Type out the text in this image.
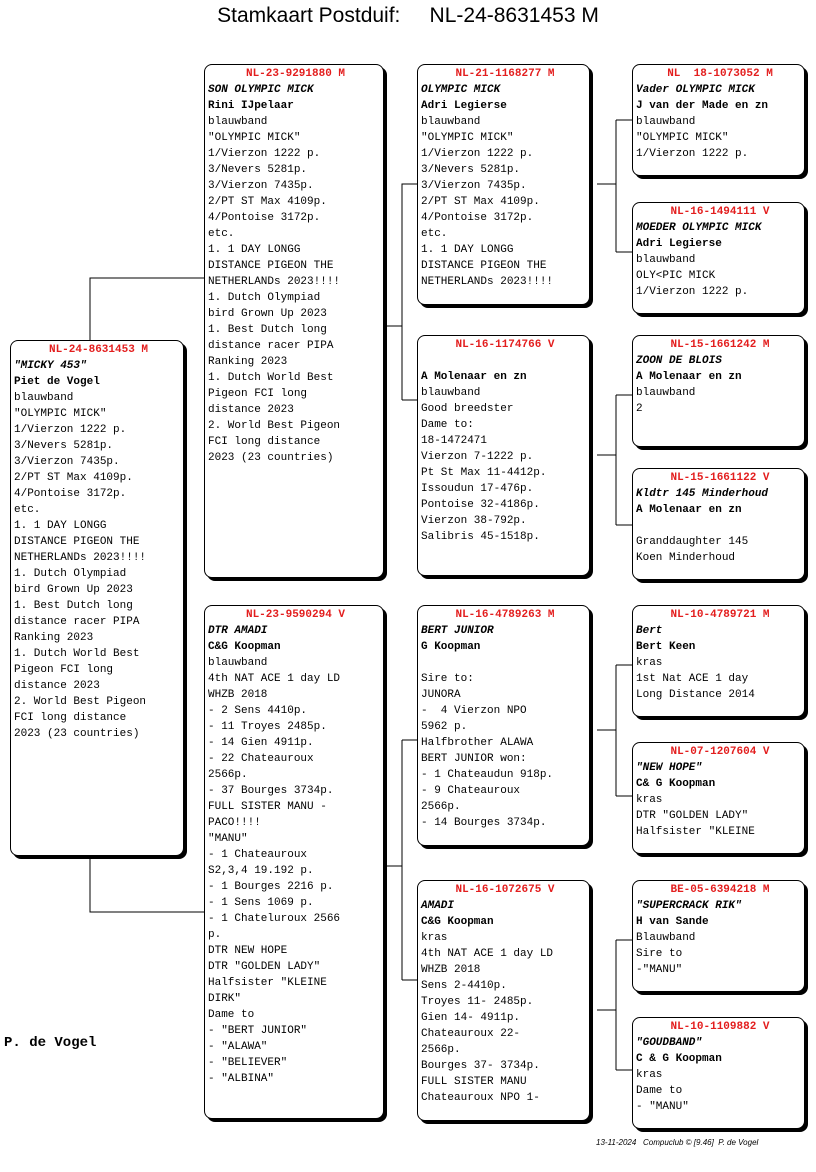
Stamkaart Postduif:     NL-24-8631453 M
NL-24-8631453 M
"MICKY 453"
Piet de Vogel
blauwband
"OLYMPIC MICK"
1/Vierzon 1222 p.
3/Nevers 5281p.
3/Vierzon 7435p.
2/PT ST Max 4109p.
4/Pontoise 3172p.
etc.
1. 1 DAY LONGG
DISTANCE PIGEON THE
NETHERLANDs 2023!!!!
1. Dutch Olympiad
bird Grown Up 2023
1. Best Dutch long
distance racer PIPA
Ranking 2023
1. Dutch World Best
Pigeon FCI long
distance 2023
2. World Best Pigeon
FCI long distance
2023 (23 countries)
NL-23-9291880 M
SON OLYMPIC MICK
Rini IJpelaar
blauwband
"OLYMPIC MICK"
1/Vierzon 1222 p.
3/Nevers 5281p.
3/Vierzon 7435p.
2/PT ST Max 4109p.
4/Pontoise 3172p.
etc.
1. 1 DAY LONGG
DISTANCE PIGEON THE
NETHERLANDs 2023!!!!
1. Dutch Olympiad
bird Grown Up 2023
1. Best Dutch long
distance racer PIPA
Ranking 2023
1. Dutch World Best
Pigeon FCI long
distance 2023
2. World Best Pigeon
FCI long distance
2023 (23 countries)
NL-23-9590294 V
DTR AMADI
C&G Koopman
blauwband
4th NAT ACE 1 day LD
WHZB 2018
- 2 Sens 4410p.
- 11 Troyes 2485p.
- 14 Gien 4911p.
- 22 Chateauroux
2566p.
- 37 Bourges 3734p.
FULL SISTER MANU -
PACO!!!!
"MANU"
- 1 Chateauroux
S2,3,4 19.192 p.
- 1 Bourges 2216 p.
- 1 Sens 1069 p.
- 1 Chateluroux 2566
p.
DTR NEW HOPE
DTR "GOLDEN LADY"
Halfsister "KLEINE
DIRK"
Dame to
- "BERT JUNIOR"
- "ALAWA"
- "BELIEVER"
- "ALBINA"
NL-21-1168277 M
OLYMPIC MICK
Adri Legierse
blauwband
"OLYMPIC MICK"
1/Vierzon 1222 p.
3/Nevers 5281p.
3/Vierzon 7435p.
2/PT ST Max 4109p.
4/Pontoise 3172p.
etc.
1. 1 DAY LONGG
DISTANCE PIGEON THE
NETHERLANDs 2023!!!!
NL-16-1174766 V
A Molenaar en zn
blauwband
Good breedster
Dame to:
18-1472471
Vierzon 7-1222 p.
Pt St Max 11-4412p.
Issoudun 17-476p.
Pontoise 32-4186p.
Vierzon 38-792p.
Salibris 45-1518p.
NL-16-4789263 M
BERT JUNIOR
G Koopman
Sire to:
JUNORA
-  4 Vierzon NPO
5962 p.
Halfbrother ALAWA
BERT JUNIOR won:
- 1 Chateaudun 918p.
- 9 Chateauroux
2566p.
- 14 Bourges 3734p.
NL-16-1072675 V
AMADI
C&G Koopman
kras
4th NAT ACE 1 day LD
WHZB 2018
Sens 2-4410p.
Troyes 11- 2485p.
Gien 14- 4911p.
Chateauroux 22-
2566p.
Bourges 37- 3734p.
FULL SISTER MANU
Chateauroux NPO 1-
NL  18-1073052 M
Vader OLYMPIC MICK
J van der Made en zn
blauwband
"OLYMPIC MICK"
1/Vierzon 1222 p.
NL-16-1494111 V
MOEDER OLYMPIC MICK
Adri Legierse
blauwband
OLY<PIC MICK
1/Vierzon 1222 p.
NL-15-1661242 M
ZOON DE BLOIS
A Molenaar en zn
blauwband
2
NL-15-1661122 V
Kldtr 145 Minderhoud
A Molenaar en zn
Granddaughter 145
Koen Minderhoud
NL-10-4789721 M
Bert
Bert Keen
kras
1st Nat ACE 1 day
Long Distance 2014
NL-07-1207604 V
"NEW HOPE"
C& G Koopman
kras
DTR "GOLDEN LADY"
Halfsister "KLEINE
BE-05-6394218 M
"SUPERCRACK RIK"
H van Sande
Blauwband
Sire to
-"MANU"
NL-10-1109882 V
"GOUDBAND"
C & G Koopman
kras
Dame to
- "MANU"
P. de Vogel
13-11-2024   Compuclub © [9.46]  P. de Vogel
